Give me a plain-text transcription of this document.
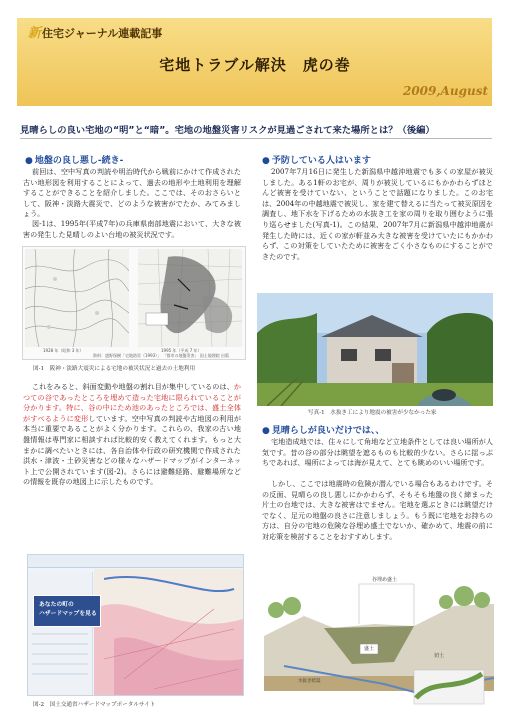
新住宅ジャーナル連載記事
宅地トラブル解決　虎の巻
2009,August
見晴らしの良い宅地の“明”と“暗”。宅地の地盤災害リスクが見過ごされて来た場所とは？（後編）
● 地盤の良し悪し-続き-
前回は、空中写真の判読や明治時代から戦前にかけて作成された古い地形図を利用することによって、過去の地形や土地利用を理解することができることを紹介しました。ここでは、そのおさらいとして、阪神・淡路大震災で、どのような被害がでたか、みてみましょう。
図-1は、1995年(平成7年)の兵庫県南部地震において、大きな被害の発生した見晴しのよい台地の被災状況です。
1928 年（昭和 3 年）	1995 年（平成 7 年）
資料：盛野保樹「宅地防災（1993）」 「都市の地盤災害」 国土地理院 出版
図-1　阪神・淡路大震災による宅地の被災状況と過去の土地利用
これをみると、斜面変動や地盤の割れ目が集中しているのは、かつての谷であったところを埋めて造った宅地に限られていることが分かります。特に、谷の中にため池のあったところでは、盛土全体がすべるように変形しています。空中写真の判読や古地図の利用が本当に重要であることがよく分かります。これらの、我家の古い地盤情報は専門家に相談すれば比較的安く教えてくれます。もっと大まかに調べたいときには、各自治体や行政の研究機関で作成された 洪水・津波・土砂災害などの様々なハザードマップがインターネット上で公開されています(図-2)。さらには避難経路、避難場所などの情報を既存の地図上に示したものです。
あなたの町の
ハザードマップを見る
図-2　国土交通省ハザードマップポータルサイト
● 予防している人はいます
2007年7月16日に発生した新潟県中越沖地震でも多くの家屋が被災しました。ある1軒のお宅が、周りが被災しているにもかかわらずほとんど被害を受けていない、ということで話題になりました。このお宅は、2004年の中越地震で被災し、家を建て替えるに当たって被災原因を調査し、地下水を下げるための水抜き工を家の周りを取り囲むように張り巡らせました(写真-1)。この結果、2007年7月に新潟県中越沖地震が発生した時には、近くの家が軒並み大きな被害を受けていたにもかかわらず、この対策をしていたために被害をごく小さなものにすることができたのです。
写真-1　水抜き工により地震の被害が少なかった家
● 見晴らしが良いだけでは、、
宅地造成地では、住々にして角地など立地条件としては良い場所が人気です。昔の谷の部分は眺望を遮るものも比較的少ない。さらに揺っぷちであれば、場所によっては海が見えて、とても眺めのいい場所です。
しかし、ここでは地震時の危険が潜んでいる場合もあるわけです。その反面、見晴らの良し悪しにかかわらず、そもそも地盤の良く締まった片土の台地では、大きな被害はでません。宅地を選ぶときには眺望だけでなく、足元の地盤の良さに注意しましょう。もう既に宅地をお持ちの方は、自分の宅地の危険な谷埋め盛土でないか、確かめて、地震の前に対応策を検討することをおすすめします。
谷埋め盛土
盛土
水抜き暗渠
切土
